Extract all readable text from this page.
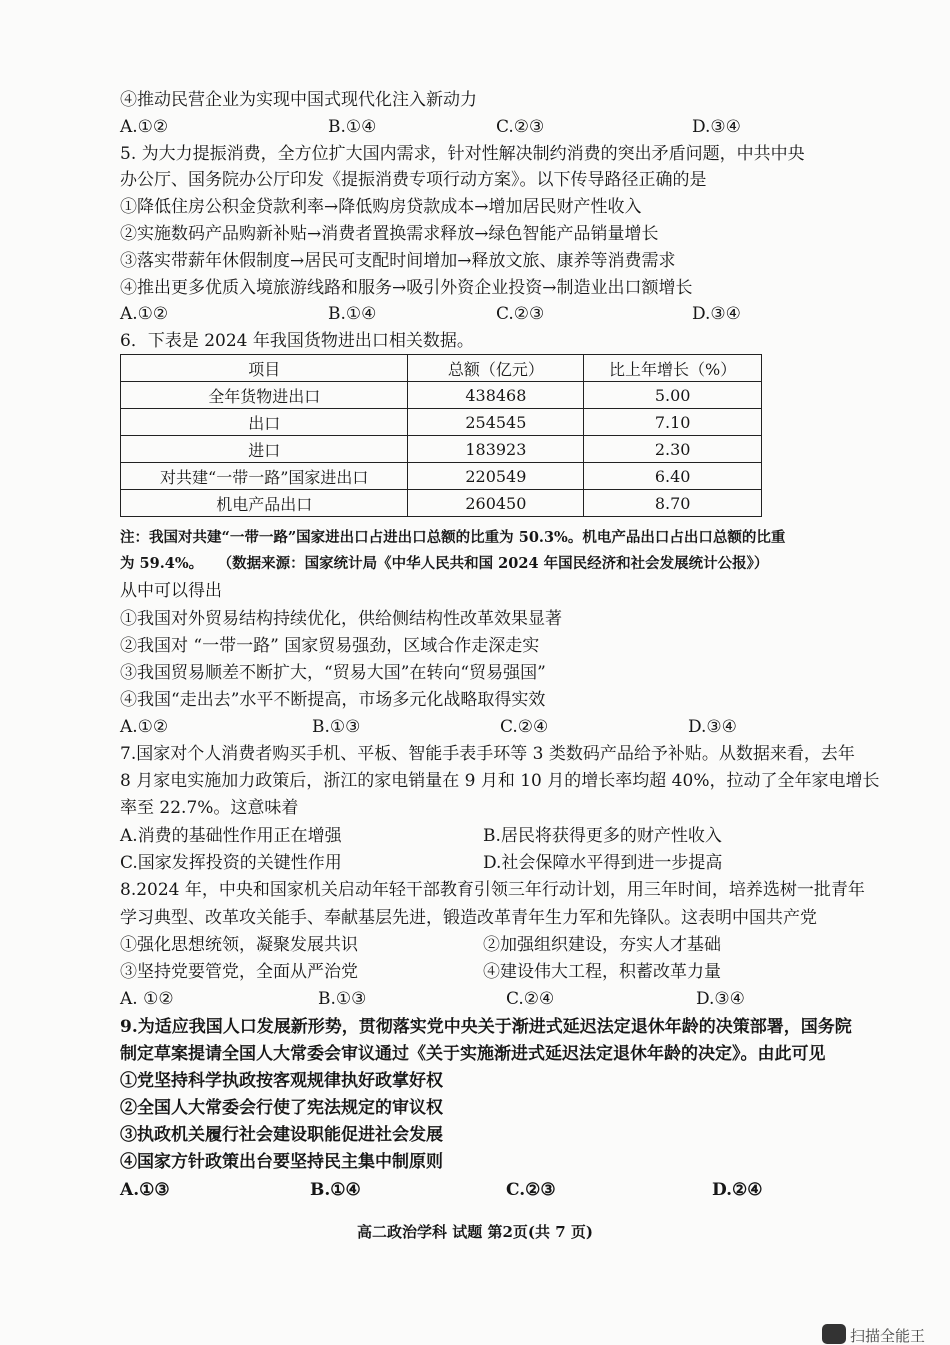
④推动民营企业为实现中国式现代化注入新动力
A.①②	B.①④	C.②③	D.③④
5. 为大力提振消费，全方位扩大国内需求，针对性解决制约消费的突出矛盾问题，中共中央
办公厅、国务院办公厅印发《提振消费专项行动方案》。以下传导路径正确的是
①降低住房公积金贷款利率→降低购房贷款成本→增加居民财产性收入
②实施数码产品购新补贴→消费者置换需求释放→绿色智能产品销量增长
③落实带薪年休假制度→居民可支配时间增加→释放文旅、康养等消费需求
④推出更多优质入境旅游线路和服务→吸引外资企业投资→制造业出口额增长
A.①②	B.①④	C.②③	D.③④
6．下表是 2024 年我国货物进出口相关数据。
项目	总额（亿元）	比上年增长（%）
全年货物进出口	438468	5.00
出口	254545	7.10
进口	183923	2.30
对共建“一带一路”国家进出口	220549	6.40
机电产品出口	260450	8.70
注：我国对共建“一带一路”国家进出口占进出口总额的比重为 50.3%。机电产品出口占出口总额的比重
为 59.4%。　　（数据来源：国家统计局《中华人民共和国 2024 年国民经济和社会发展统计公报》）
从中可以得出
①我国对外贸易结构持续优化，供给侧结构性改革效果显著
②我国对 “一带一路” 国家贸易强劲，区域合作走深走实
③我国贸易顺差不断扩大，“贸易大国”在转向“贸易强国”
④我国“走出去”水平不断提高，市场多元化战略取得实效
A.①②	B.①③	C.②④	D.③④
7.国家对个人消费者购买手机、平板、智能手表手环等 3 类数码产品给予补贴。从数据来看，去年
8 月家电实施加力政策后，浙江的家电销量在 9 月和 10 月的增长率均超 40%，拉动了全年家电增长
率至 22.7%。这意味着
A.消费的基础性作用正在增强	B.居民将获得更多的财产性收入
C.国家发挥投资的关键性作用	D.社会保障水平得到进一步提高
8.2024 年，中央和国家机关启动年轻干部教育引领三年行动计划，用三年时间，培养选树一批青年
学习典型、改革攻关能手、奉献基层先进，锻造改革青年生力军和先锋队。这表明中国共产党
①强化思想统领，凝聚发展共识	②加强组织建设，夯实人才基础
③坚持党要管党，全面从严治党	④建设伟大工程，积蓄改革力量
A. ①②	B.①③	C.②④	D.③④
9.为适应我国人口发展新形势，贯彻落实党中央关于渐进式延迟法定退休年龄的决策部署，国务院
制定草案提请全国人大常委会审议通过《关于实施渐进式延迟法定退休年龄的决定》。由此可见
①党坚持科学执政按客观规律执好政掌好权
②全国人大常委会行使了宪法规定的审议权
③执政机关履行社会建设职能促进社会发展
④国家方针政策出台要坚持民主集中制原则
A.①③	B.①④	C.②③	D.②④
高二政治学科 试题 第2页(共 7 页)
扫描全能王
